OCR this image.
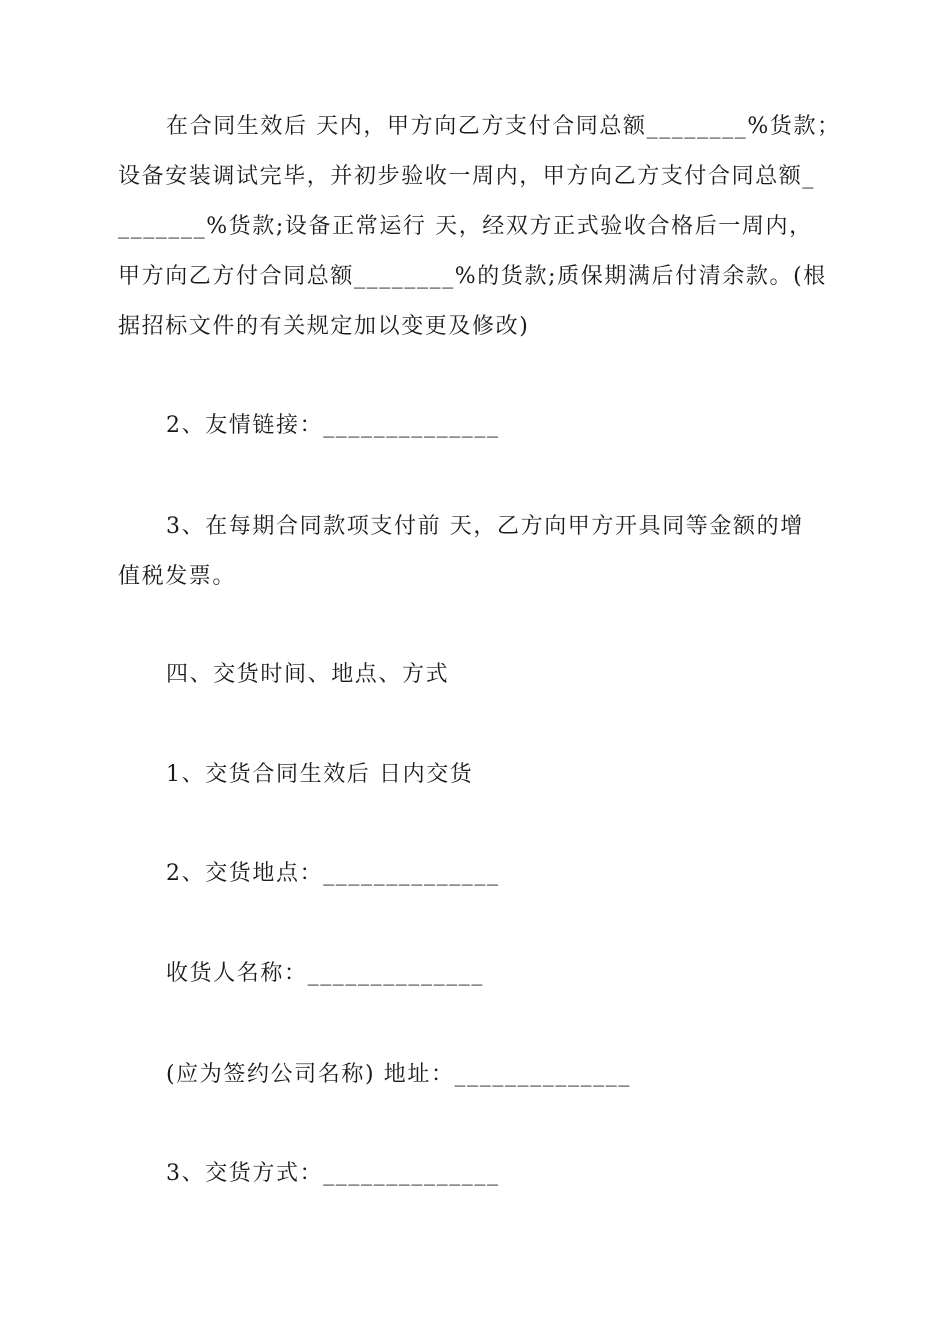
在合同生效后 天内，甲方向乙方支付合同总额________%货款；
设备安装调试完毕，并初步验收一周内，甲方向乙方支付合同总额_
_______%货款;设备正常运行 天，经双方正式验收合格后一周内，
甲方向乙方付合同总额________%的货款;质保期满后付清余款。(根
据招标文件的有关规定加以变更及修改)
2、友情链接：______________
3、在每期合同款项支付前 天，乙方向甲方开具同等金额的增
值税发票。
四、交货时间、地点、方式
1、交货合同生效后 日内交货
2、交货地点：______________
收货人名称：______________
(应为签约公司名称) 地址：______________
3、交货方式：______________
